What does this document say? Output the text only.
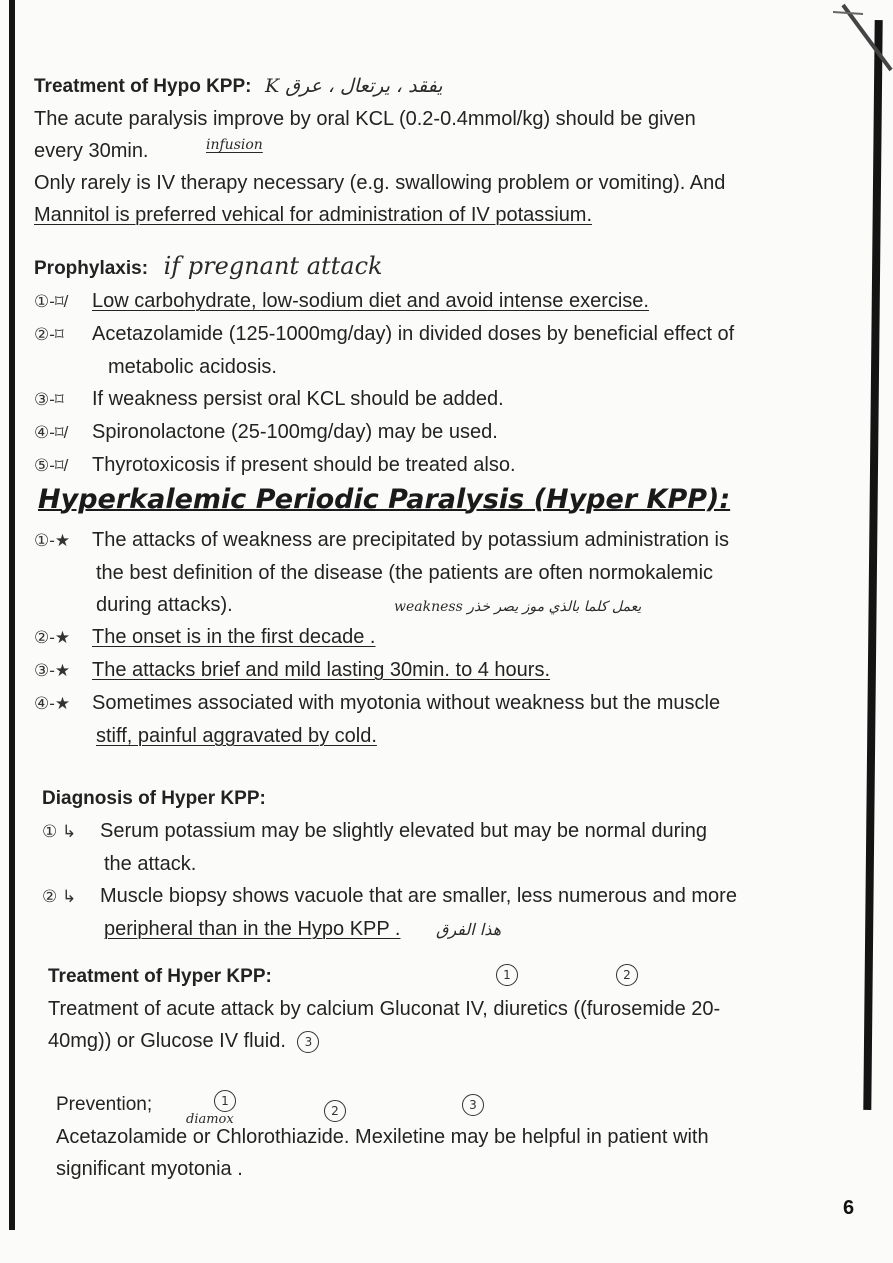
Treatment of Hypo KPP: K يفقد ، يرتعال ، عرق
The acute paralysis improve by oral KCL (0.2-0.4mmol/kg) should be given
every 30min.	infusion
Only rarely is IV therapy necessary (e.g. swallowing problem or vomiting). And
Mannitol is preferred vehical for administration of IV potassium.
Prophylaxis: if pregnant attack
①-⌑/ Low carbohydrate, low-sodium diet and avoid intense exercise.
②-⌑ Acetazolamide (125-1000mg/day) in divided doses by beneficial effect of
metabolic acidosis.
③-⌑ If weakness persist oral KCL should be added.
④-⌑/ Spironolactone (25-100mg/day) may be used.
⑤-⌑/ Thyrotoxicosis if present should be treated also.
Hyperkalemic Periodic Paralysis (Hyper KPP):
①-★ The attacks of weakness are precipitated by potassium administration is
the best definition of the disease (the patients are often normokalemic
during attacks).	weakness يعمل كلما بالذي موز يصر خذر
②-★ The onset is in the first decade .
③-★ The attacks brief and mild lasting 30min. to 4 hours.
④-★ Sometimes associated with myotonia without weakness but the muscle
stiff, painful aggravated by cold.
Diagnosis of Hyper KPP:
① ↳ Serum potassium may be slightly elevated but may be normal during
the attack.
② ↳ Muscle biopsy shows vacuole that are smaller, less numerous and more
peripheral than in the Hypo KPP . هذا الفرق
Treatment of Hyper KPP:	1	2
Treatment of acute attack by calcium Gluconat IV, diuretics ((furosemide 20-
40mg)) or Glucose IV fluid. 3
Prevention;	1
diamox
2	3
Acetazolamide or Chlorothiazide. Mexiletine may be helpful in patient with
significant myotonia .
6
